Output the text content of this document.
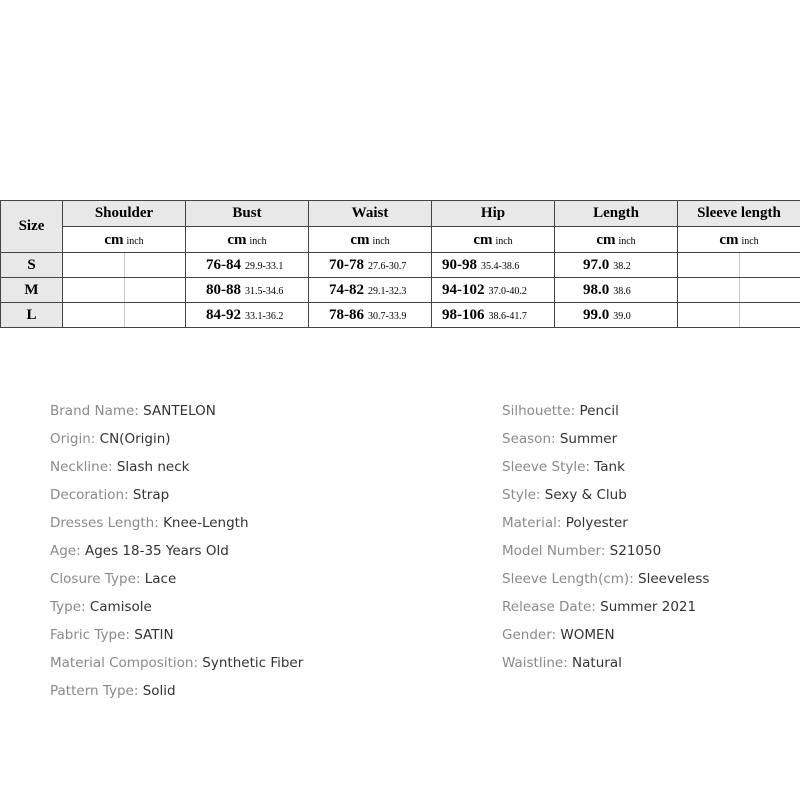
Size	Shoulder	Bust	Waist	Hip	Length	Sleeve length
	cm inch	cm inch	cm inch	cm inch	cm inch	cm inch
S		76-84 29.9-33.1	70-78 27.6-30.7	90-98 35.4-38.6	97.0 38.2	

M		80-88 31.5-34.6	74-82 29.1-32.3	94-102 37.0-40.2	98.0 38.6	

L		84-92 33.1-36.2	78-86 30.7-33.9	98-106 38.6-41.7	99.0 39.0	
Brand Name: SANTELON
Origin: CN(Origin)
Neckline: Slash neck
Decoration: Strap
Dresses Length: Knee-Length
Age: Ages 18-35 Years Old
Closure Type: Lace
Type: Camisole
Fabric Type: SATIN
Material Composition: Synthetic Fiber
Pattern Type: Solid
Silhouette: Pencil
Season: Summer
Sleeve Style: Tank
Style: Sexy & Club
Material: Polyester
Model Number: S21050
Sleeve Length(cm): Sleeveless
Release Date: Summer 2021
Gender: WOMEN
Waistline: Natural
